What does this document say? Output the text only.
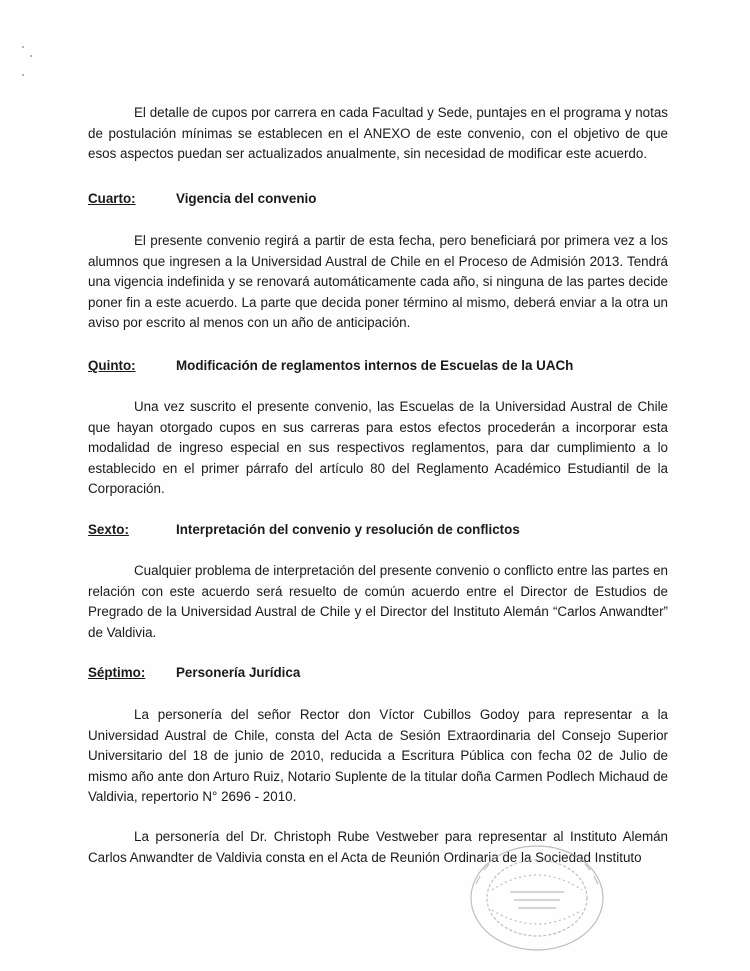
El detalle de cupos por carrera en cada Facultad y Sede, puntajes en el programa y notas de postulación mínimas se establecen en el ANEXO de este convenio, con el objetivo de que esos aspectos puedan ser actualizados anualmente, sin necesidad de modificar este acuerdo.

Cuarto:	Vigencia del convenio

El presente convenio regirá a partir de esta fecha, pero beneficiará por primera vez a los alumnos que ingresen a la Universidad Austral de Chile en el Proceso de Admisión 2013. Tendrá una vigencia indefinida y se renovará automáticamente cada año, si ninguna de las partes decide poner fin a este acuerdo. La parte que decida poner término al mismo, deberá enviar a la otra un aviso por escrito al menos con un año de anticipación.

Quinto:	Modificación de reglamentos internos de Escuelas de la UACh

Una vez suscrito el presente convenio, las Escuelas de la Universidad Austral de Chile que hayan otorgado cupos en sus carreras para estos efectos procederán a incorporar esta modalidad de ingreso especial en sus respectivos reglamentos, para dar cumplimiento a lo establecido en el primer párrafo del artículo 80 del Reglamento Académico Estudiantil de la Corporación.

Sexto:	Interpretación del convenio y resolución de conflictos

Cualquier problema de interpretación del presente convenio o conflicto entre las partes en relación con este acuerdo será resuelto de común acuerdo entre el Director de Estudios de Pregrado de la Universidad Austral de Chile y el Director del Instituto Alemán “Carlos Anwandter” de Valdivia.

Séptimo: Personería Jurídica

La personería del señor Rector don Víctor Cubillos Godoy para representar a la Universidad Austral de Chile, consta del Acta de Sesión Extraordinaria del Consejo Superior Universitario del 18 de junio de 2010, reducida a Escritura Pública con fecha 02 de Julio de mismo año ante don Arturo Ruiz, Notario Suplente de la titular doña Carmen Podlech Michaud de Valdivia, repertorio N° 2696 - 2010.

La personería del Dr. Christoph Rube Vestweber para representar al Instituto Alemán Carlos Anwandter de Valdivia consta en el Acta de Reunión Ordinaria de la Sociedad Instituto
